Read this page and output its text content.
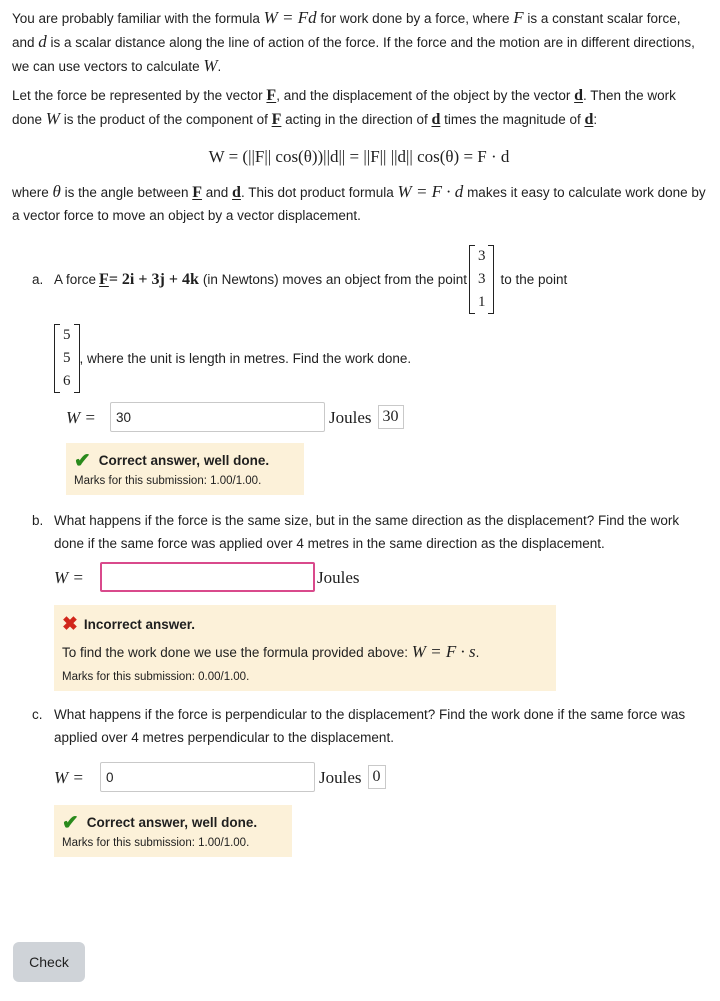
You are probably familiar with the formula W = Fd for work done by a force, where F is a constant scalar force, and d is a scalar distance along the line of action of the force. If the force and the motion are in different directions, we can use vectors to calculate W.

Let the force be represented by the vector F, and the displacement of the object by the vector d. Then the work done W is the product of the component of F acting in the direction of d times the magnitude of d:

W = (||F|| cos(θ))||d|| = ||F|| ||d|| cos(θ) = F · d

where θ is the angle between F and d. This dot product formula W = F · d makes it easy to calculate work done by a vector force to move an object by a vector displacement.

a. A force F = 2i + 3j + 4k (in Newtons) moves an object from the point
3
3
1
to the point
5
5
6
, where the unit is length in metres. Find the work done.
W =
30	Joules 30
✔ Correct answer, well done.
Marks for this submission: 1.00/1.00.
b. What happens if the force is the same size, but in the same direction as the displacement? Find the work done if the same force was applied over 4 metres in the same direction as the displacement.
W =	Joules
✖ Incorrect answer.
To find the work done we use the formula provided above: W = F · s.
Marks for this submission: 0.00/1.00.
c. What happens if the force is perpendicular to the displacement? Find the work done if the same force was applied over 4 metres perpendicular to the displacement.
W =
0	Joules 0
✔ Correct answer, well done.
Marks for this submission: 1.00/1.00.
Check
